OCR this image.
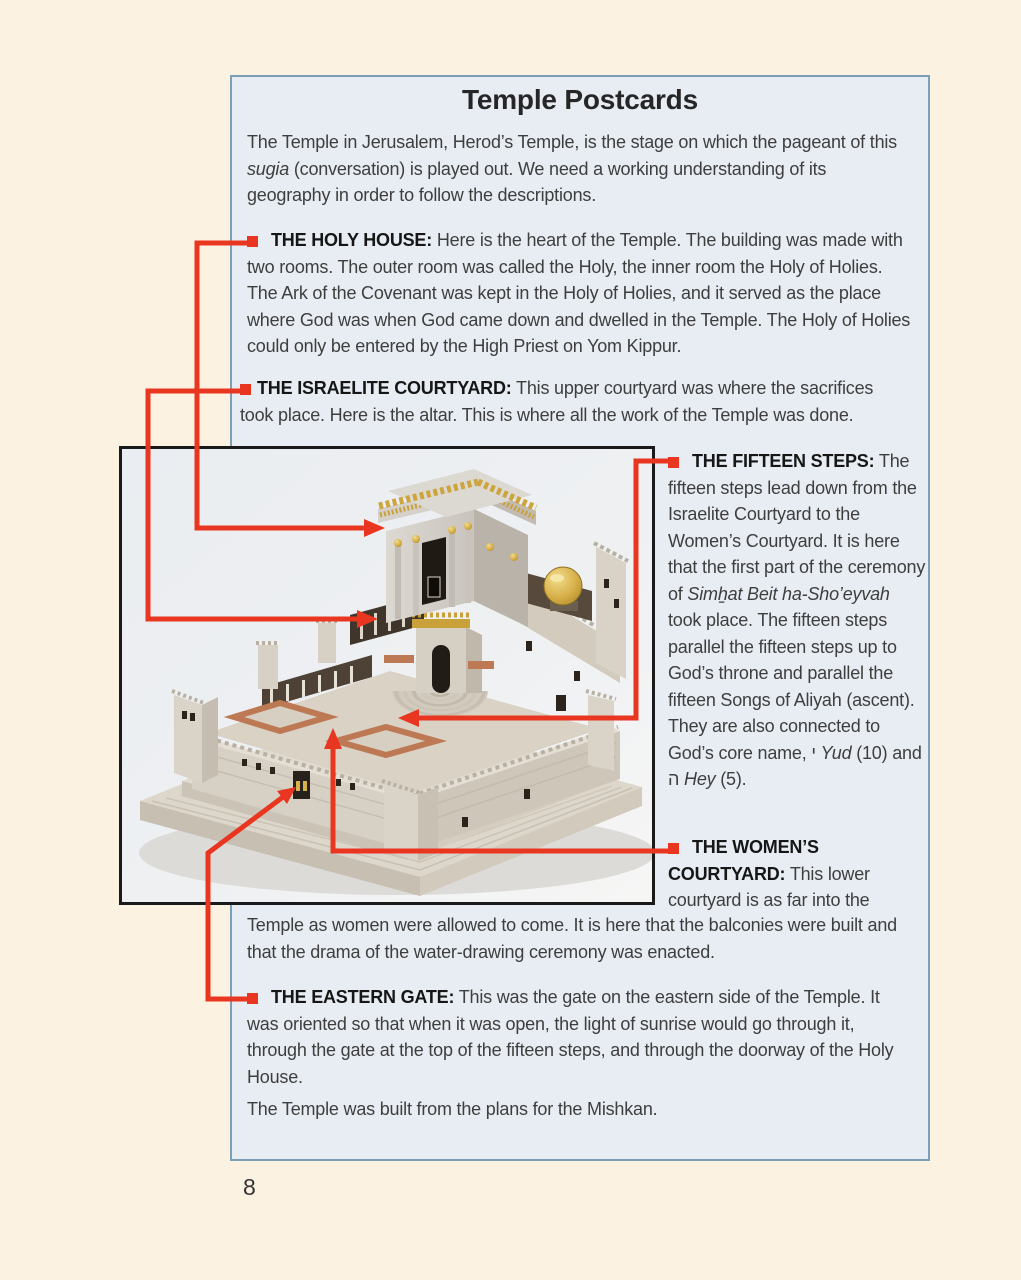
Temple Postcards
The Temple in Jerusalem, Herod’s Temple, is the stage on which the pageant of this sugia (conversation) is played out. We need a working understanding of its geography in order to follow the descriptions.
THE HOLY HOUSE: Here is the heart of the Temple. The building was made with two rooms. The outer room was called the Holy, the inner room the Holy of Holies. The Ark of the Covenant was kept in the Holy of Holies, and it served as the place where God was when God came down and dwelled in the Temple. The Holy of Holies could only be entered by the High Priest on Yom Kippur.
THE ISRAELITE COURTYARD: This upper courtyard was where the sacrifices took place. Here is the altar. This is where all the work of the Temple was done.
THE FIFTEEN STEPS: The fifteen steps lead down from the Israelite Courtyard to the Women’s Courtyard. It is here that the first part of the ceremony of Simẖat Beit ha-Sho’eyvah took place. The fifteen steps parallel the fifteen steps up to God’s throne and parallel the fifteen Songs of Aliyah (ascent). They are also connected to God’s core name, י Yud (10) and ה Hey (5).
THE WOMEN’S COURTYARD: This lower courtyard is as far into the
Temple as women were allowed to come. It is here that the balconies were built and that the drama of the water-drawing ceremony was enacted.
THE EASTERN GATE: This was the gate on the eastern side of the Temple. It was oriented so that when it was open, the light of sunrise would go through it, through the gate at the top of the fifteen steps, and through the doorway of the Holy House.
The Temple was built from the plans for the Mishkan.
8
